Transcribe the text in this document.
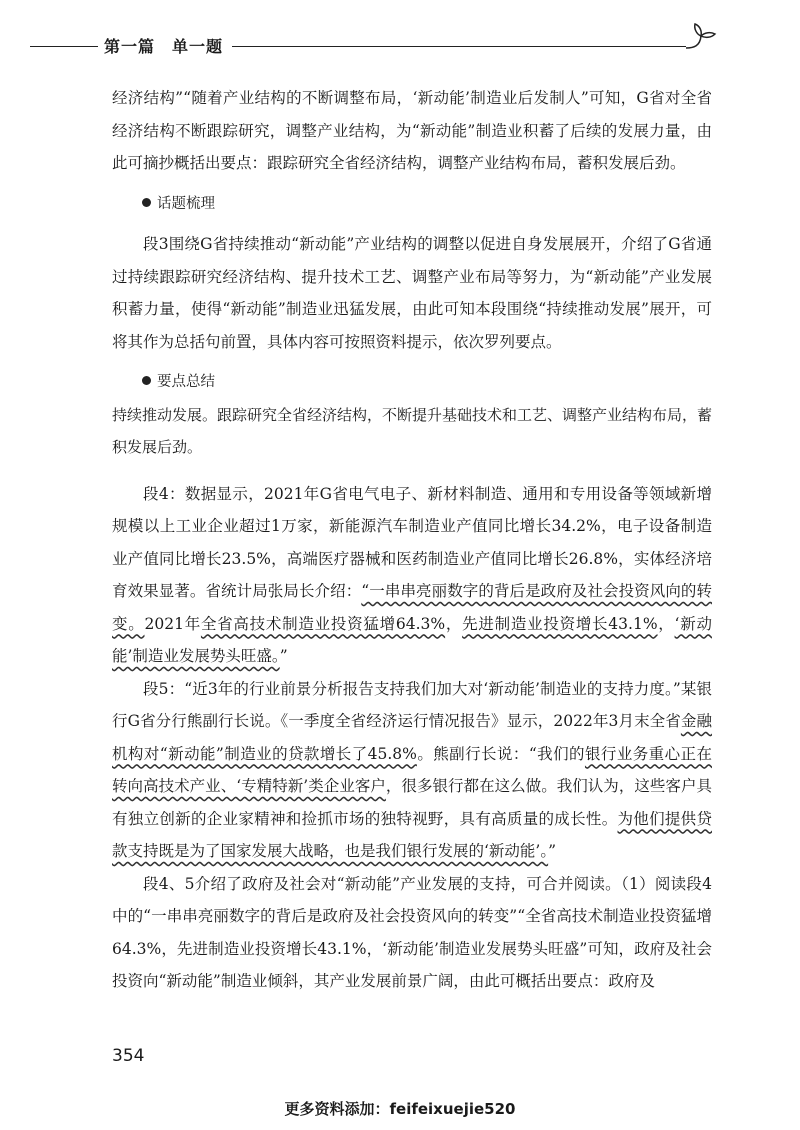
第一篇　单一题

经济结构”“随着产业结构的不断调整布局，‘新动能’制造业后发制人”可知，G省对全省经济结构不断跟踪研究，调整产业结构，为“新动能”制造业积蓄了后续的发展力量，由此可摘抄概括出要点：跟踪研究全省经济结构，调整产业结构布局，蓄积发展后劲。

话题梳理

段3围绕G省持续推动“新动能”产业结构的调整以促进自身发展展开，介绍了G省通过持续跟踪研究经济结构、提升技术工艺、调整产业布局等努力，为“新动能”产业发展积蓄力量，使得“新动能”制造业迅猛发展，由此可知本段围绕“持续推动发展”展开，可将其作为总括句前置，具体内容可按照资料提示，依次罗列要点。

要点总结

持续推动发展。跟踪研究全省经济结构，不断提升基础技术和工艺、调整产业结构布局，蓄积发展后劲。

段4：数据显示，2021年G省电气电子、新材料制造、通用和专用设备等领域新增规模以上工业企业超过1万家，新能源汽车制造业产值同比增长34.2%，电子设备制造业产值同比增长23.5%，高端医疗器械和医药制造业产值同比增长26.8%，实体经济培育效果显著。省统计局张局长介绍：“一串串亮丽数字的背后是政府及社会投资风向的转变。2021年全省高技术制造业投资猛增64.3%，先进制造业投资增长43.1%，‘新动能’制造业发展势头旺盛。”

段5：“近3年的行业前景分析报告支持我们加大对‘新动能’制造业的支持力度。”某银行G省分行熊副行长说。《一季度全省经济运行情况报告》显示，2022年3月末全省金融机构对“新动能”制造业的贷款增长了45.8%。熊副行长说：“我们的银行业务重心正在转向高技术产业、‘专精特新’类企业客户，很多银行都在这么做。我们认为，这些客户具有独立创新的企业家精神和捡抓市场的独特视野，具有高质量的成长性。为他们提供贷款支持既是为了国家发展大战略，也是我们银行发展的‘新动能’。”

段4、5介绍了政府及社会对“新动能”产业发展的支持，可合并阅读。（1）阅读段4中的“一串串亮丽数字的背后是政府及社会投资风向的转变”“全省高技术制造业投资猛增64.3%，先进制造业投资增长43.1%，‘新动能’制造业发展势头旺盛”可知，政府及社会投资向“新动能”制造业倾斜，其产业发展前景广阔，由此可概括出要点：政府及

354
更多资料添加：feifeixuejie520
